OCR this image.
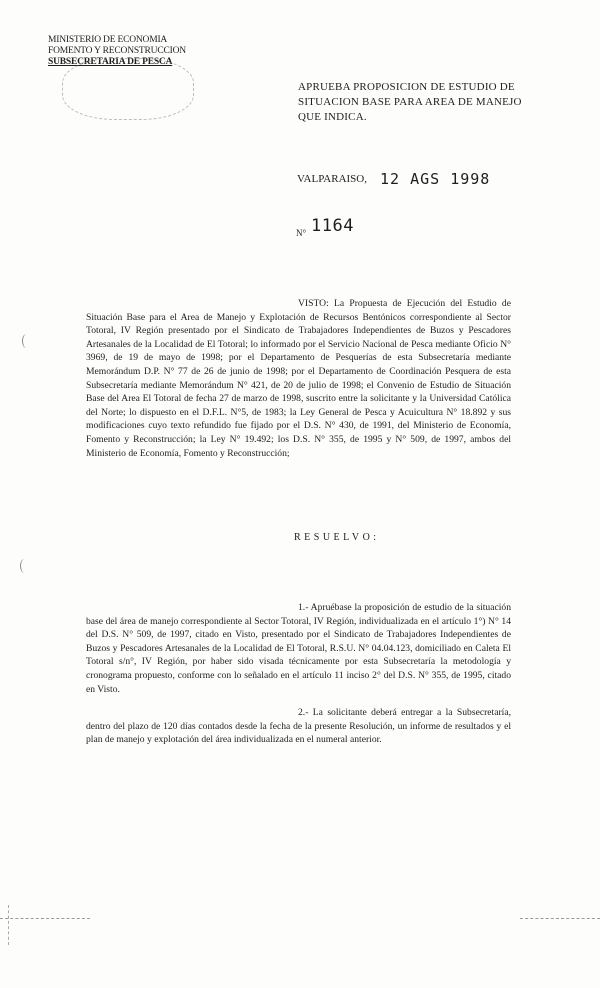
MINISTERIO DE ECONOMIA
FOMENTO Y RECONSTRUCCION
SUBSECRETARIA DE PESCA
APRUEBA PROPOSICION DE ESTUDIO DE SITUACION BASE PARA AREA DE MANEJO QUE INDICA.
VALPARAISO, 12 AGS 1998
N° 1164

VISTO: La Propuesta de Ejecución del Estudio de Situación Base para el Area de Manejo y Explotación de Recursos Bentónicos correspondiente al Sector Totoral, IV Región presentado por el Sindicato de Trabajadores Independientes de Buzos y Pescadores Artesanales de la Localidad de El Totoral; lo informado por el Servicio Nacional de Pesca mediante Oficio N° 3969, de 19 de mayo de 1998; por el Departamento de Pesquerías de esta Subsecretaría mediante Memorándum D.P. N° 77 de 26 de junio de 1998; por el Departamento de Coordinación Pesquera de esta Subsecretaría mediante Memorándum N° 421, de 20 de julio de 1998; el Convenio de Estudio de Situación Base del Area El Totoral de fecha 27 de marzo de 1998, suscrito entre la solicitante y la Universidad Católica del Norte; lo dispuesto en el D.F.L. N°5, de 1983; la Ley General de Pesca y Acuicultura N° 18.892 y sus modificaciones cuyo texto refundido fue fijado por el D.S. N° 430, de 1991, del Ministerio de Economía, Fomento y Reconstrucción; la Ley N° 19.492; los D.S. N° 355, de 1995 y N° 509, de 1997, ambos del Ministerio de Economía, Fomento y Reconstrucción;

RESUELVO:

1.- Apruébase la proposición de estudio de la situación base del área de manejo correspondiente al Sector Totoral, IV Región, individualizada en el artículo 1°) N° 14 del D.S. N° 509, de 1997, citado en Visto, presentado por el Sindicato de Trabajadores Independientes de Buzos y Pescadores Artesanales de la Localidad de El Totoral, R.S.U. N° 04.04.123, domiciliado en Caleta El Totoral s/n°, IV Región, por haber sido visada técnicamente por esta Subsecretaría la metodología y cronograma propuesto, conforme con lo señalado en el artículo 11 inciso 2° del D.S. N° 355, de 1995, citado en Visto.

2.- La solicitante deberá entregar a la Subsecretaría, dentro del plazo de 120 días contados desde la fecha de la presente Resolución, un informe de resultados y el plan de manejo y explotación del área individualizada en el numeral anterior.
